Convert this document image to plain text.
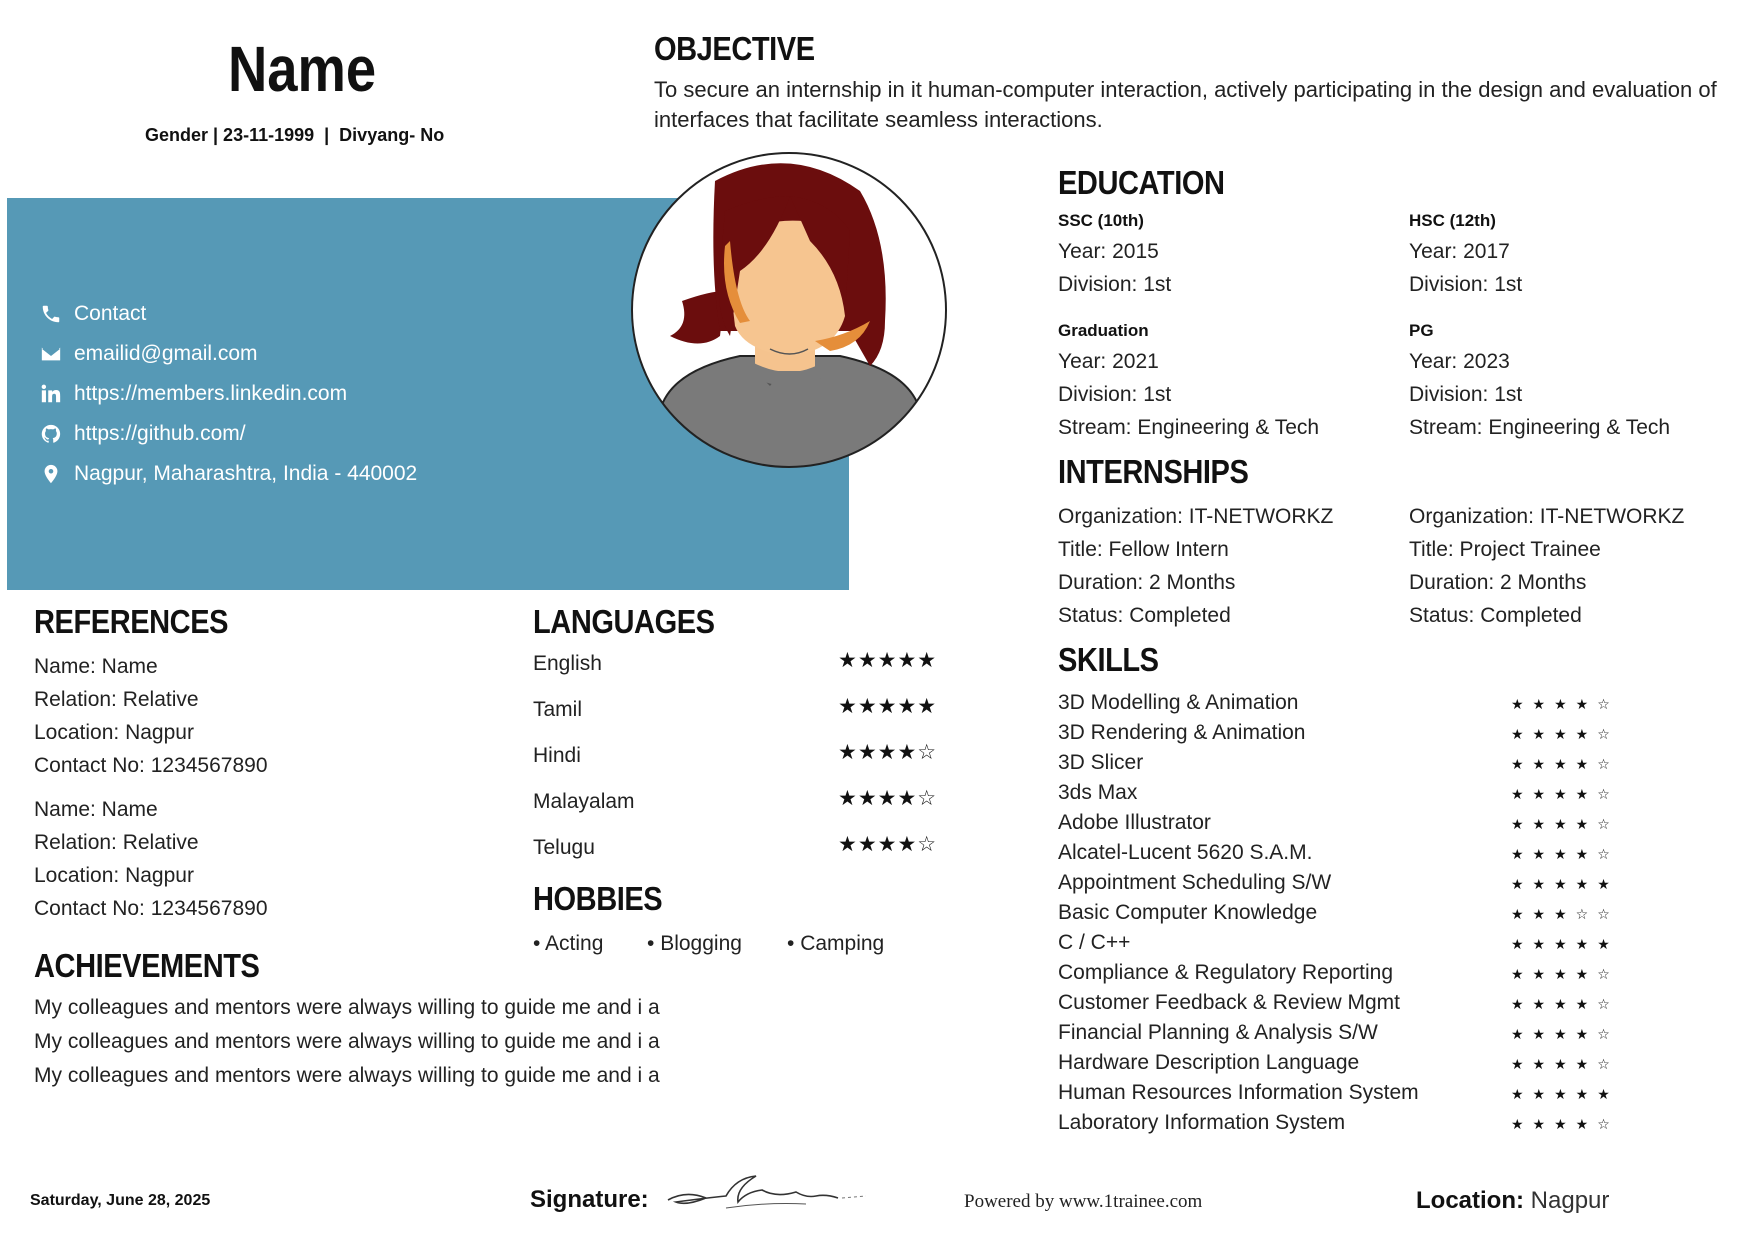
Name
Gender | 23-11-1999  |  Divyang- No
OBJECTIVE
To secure an internship in it human-computer interaction, actively participating in the design and evaluation of interfaces that facilitate seamless interactions.
Contact
emailid@gmail.com
https://members.linkedin.com
https://github.com/
Nagpur, Maharashtra, India - 440002
EDUCATION
SSC (10th)
Year: 2015
Division: 1st
HSC (12th)
Year: 2017
Division: 1st
Graduation
Year: 2021
Division: 1st
Stream: Engineering & Tech
PG
Year: 2023
Division: 1st
Stream: Engineering & Tech
INTERNSHIPS
Organization: IT-NETWORKZ
Title: Fellow Intern
Duration: 2 Months
Status: Completed
Organization: IT-NETWORKZ
Title: Project Trainee
Duration: 2 Months
Status: Completed
SKILLS
3D Modelling & Animation	★★★★☆
3D Rendering & Animation	★★★★☆
3D Slicer	★★★★☆
3ds Max	★★★★☆
Adobe Illustrator	★★★★☆
Alcatel-Lucent 5620 S.A.M.	★★★★☆
Appointment Scheduling S/W	★★★★★
Basic Computer Knowledge	★★★☆☆
C / C++	★★★★★
Compliance & Regulatory Reporting	★★★★☆
Customer Feedback & Review Mgmt	★★★★☆
Financial Planning & Analysis S/W	★★★★☆
Hardware Description Language	★★★★☆
Human Resources Information System	★★★★★
Laboratory Information System	★★★★☆
REFERENCES
Name: Name
Relation: Relative
Location: Nagpur
Contact No: 1234567890
Name: Name
Relation: Relative
Location: Nagpur
Contact No: 1234567890
LANGUAGES
English	★★★★★
Tamil	★★★★★
Hindi	★★★★☆
Malayalam	★★★★☆
Telugu	★★★★☆
HOBBIES
• Acting • Blogging • Camping
ACHIEVEMENTS
My colleagues and mentors were always willing to guide me and i a
My colleagues and mentors were always willing to guide me and i a
My colleagues and mentors were always willing to guide me and i a
Saturday, June 28, 2025	Signature:	Powered by www.1trainee.com	Location: Nagpur
